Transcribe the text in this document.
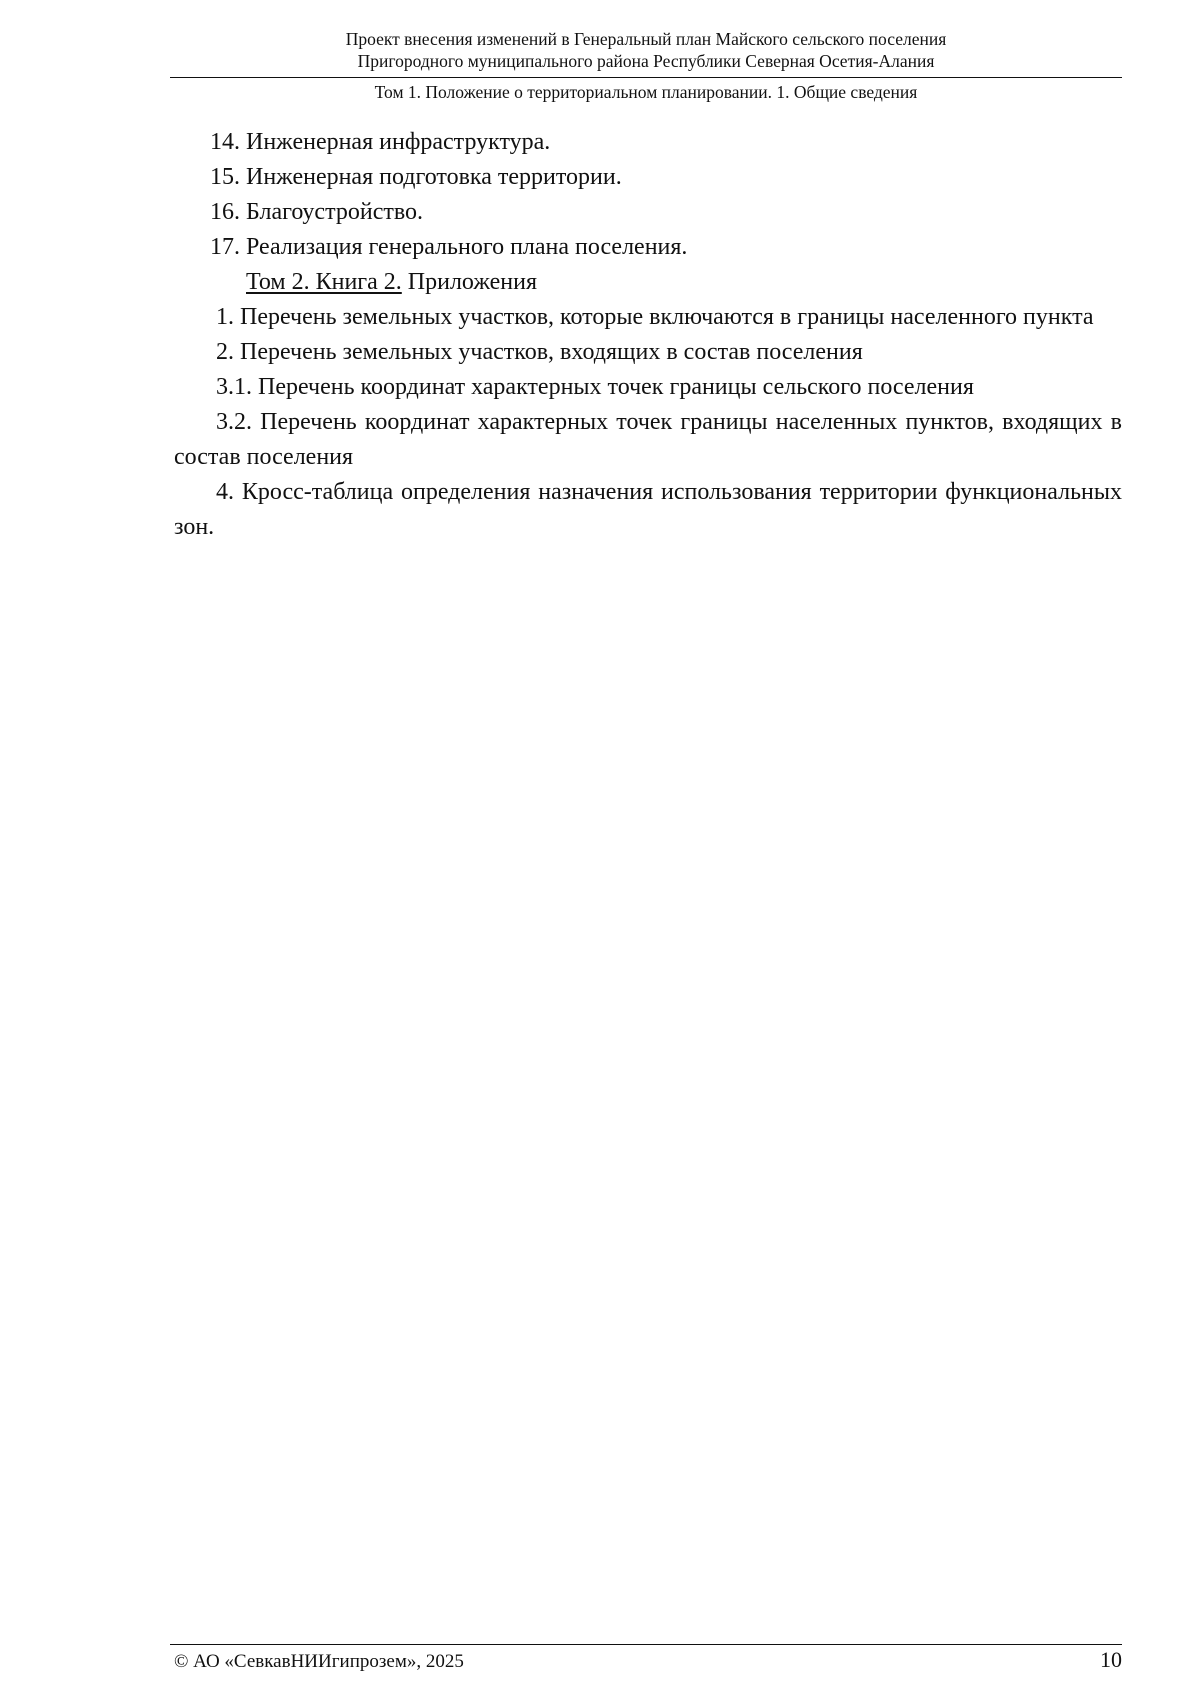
Проект внесения изменений в Генеральный план Майского сельского поселения
Пригородного муниципального района Республики Северная Осетия-Алания
Том 1. Положение о территориальном планировании. 1. Общие сведения
14. Инженерная инфраструктура.
15. Инженерная подготовка территории.
16. Благоустройство.
17. Реализация генерального плана поселения.
Том 2. Книга 2. Приложения

1. Перечень земельных участков, которые включаются в границы населенного пункта

2. Перечень земельных участков, входящих в состав поселения

3.1. Перечень координат характерных точек границы сельского поселения

3.2. Перечень координат характерных точек границы населенных пунктов, входящих в состав поселения

4. Кросс-таблица определения назначения использования территории функциональных зон.

© АО «СевкавНИИгипрозем», 2025	10
